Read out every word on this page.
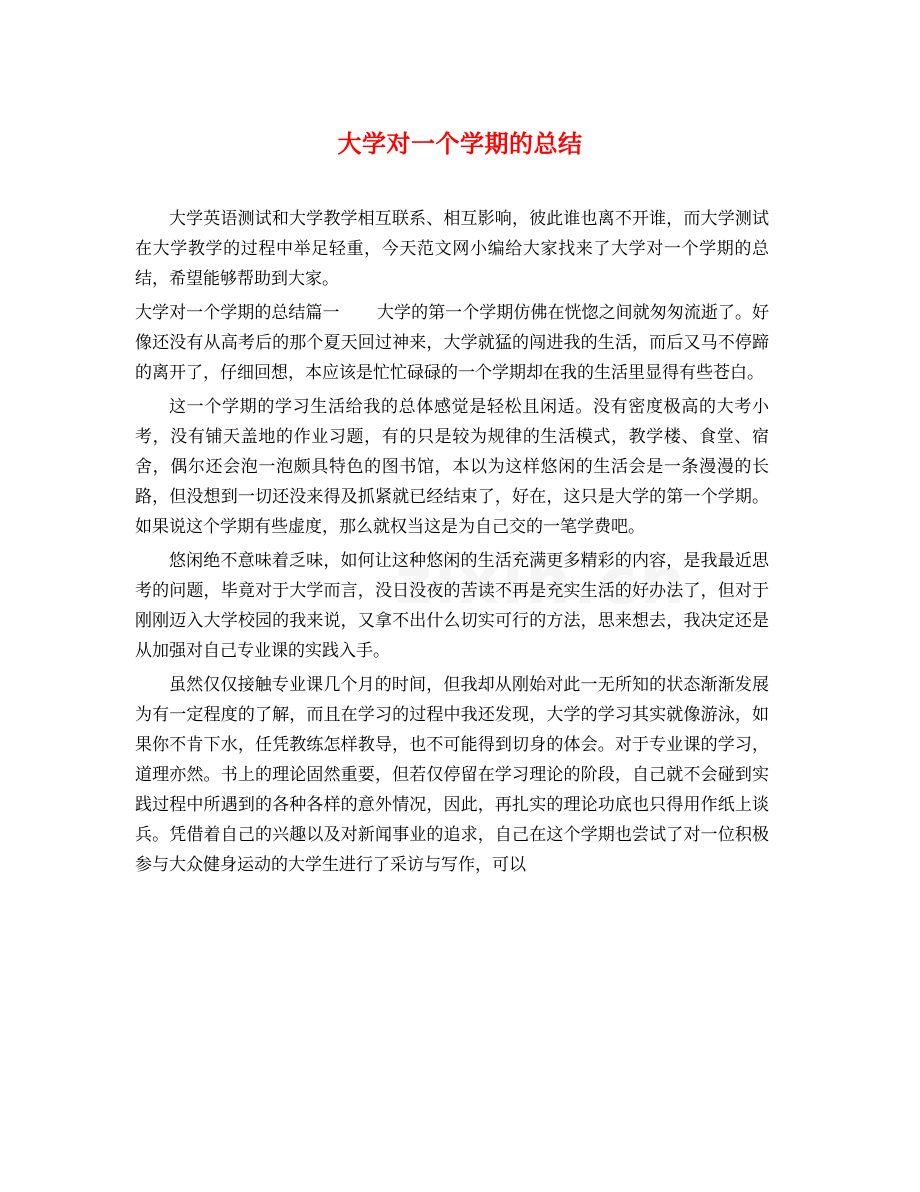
大学对一个学期的总结

大学英语测试和大学教学相互联系、相互影响，彼此谁也离不开谁，而大学测试在大学教学的过程中举足轻重，今天范文网小编给大家找来了大学对一个学期的总结，希望能够帮助到大家。

大学对一个学期的总结篇一 大学的第一个学期仿佛在恍惚之间就匆匆流逝了。好像还没有从高考后的那个夏天回过神来，大学就猛的闯进我的生活，而后又马不停蹄的离开了，仔细回想，本应该是忙忙碌碌的一个学期却在我的生活里显得有些苍白。

这一个学期的学习生活给我的总体感觉是轻松且闲适。没有密度极高的大考小考，没有铺天盖地的作业习题，有的只是较为规律的生活模式，教学楼、食堂、宿舍，偶尔还会泡一泡颇具特色的图书馆，本以为这样悠闲的生活会是一条漫漫的长路，但没想到一切还没来得及抓紧就已经结束了，好在，这只是大学的第一个学期。如果说这个学期有些虚度，那么就权当这是为自己交的一笔学费吧。

悠闲绝不意味着乏味，如何让这种悠闲的生活充满更多精彩的内容，是我最近思考的问题，毕竟对于大学而言，没日没夜的苦读不再是充实生活的好办法了，但对于刚刚迈入大学校园的我来说，又拿不出什么切实可行的方法，思来想去，我决定还是从加强对自己专业课的实践入手。

虽然仅仅接触专业课几个月的时间，但我却从刚始对此一无所知的状态渐渐发展为有一定程度的了解，而且在学习的过程中我还发现，大学的学习其实就像游泳，如果你不肯下水，任凭教练怎样教导，也不可能得到切身的体会。对于专业课的学习，道理亦然。书上的理论固然重要，但若仅停留在学习理论的阶段，自己就不会碰到实践过程中所遇到的各种各样的意外情况，因此，再扎实的理论功底也只得用作纸上谈兵。凭借着自己的兴趣以及对新闻事业的追求，自己在这个学期也尝试了对一位积极参与大众健身运动的大学生进行了采访与写作，可以
